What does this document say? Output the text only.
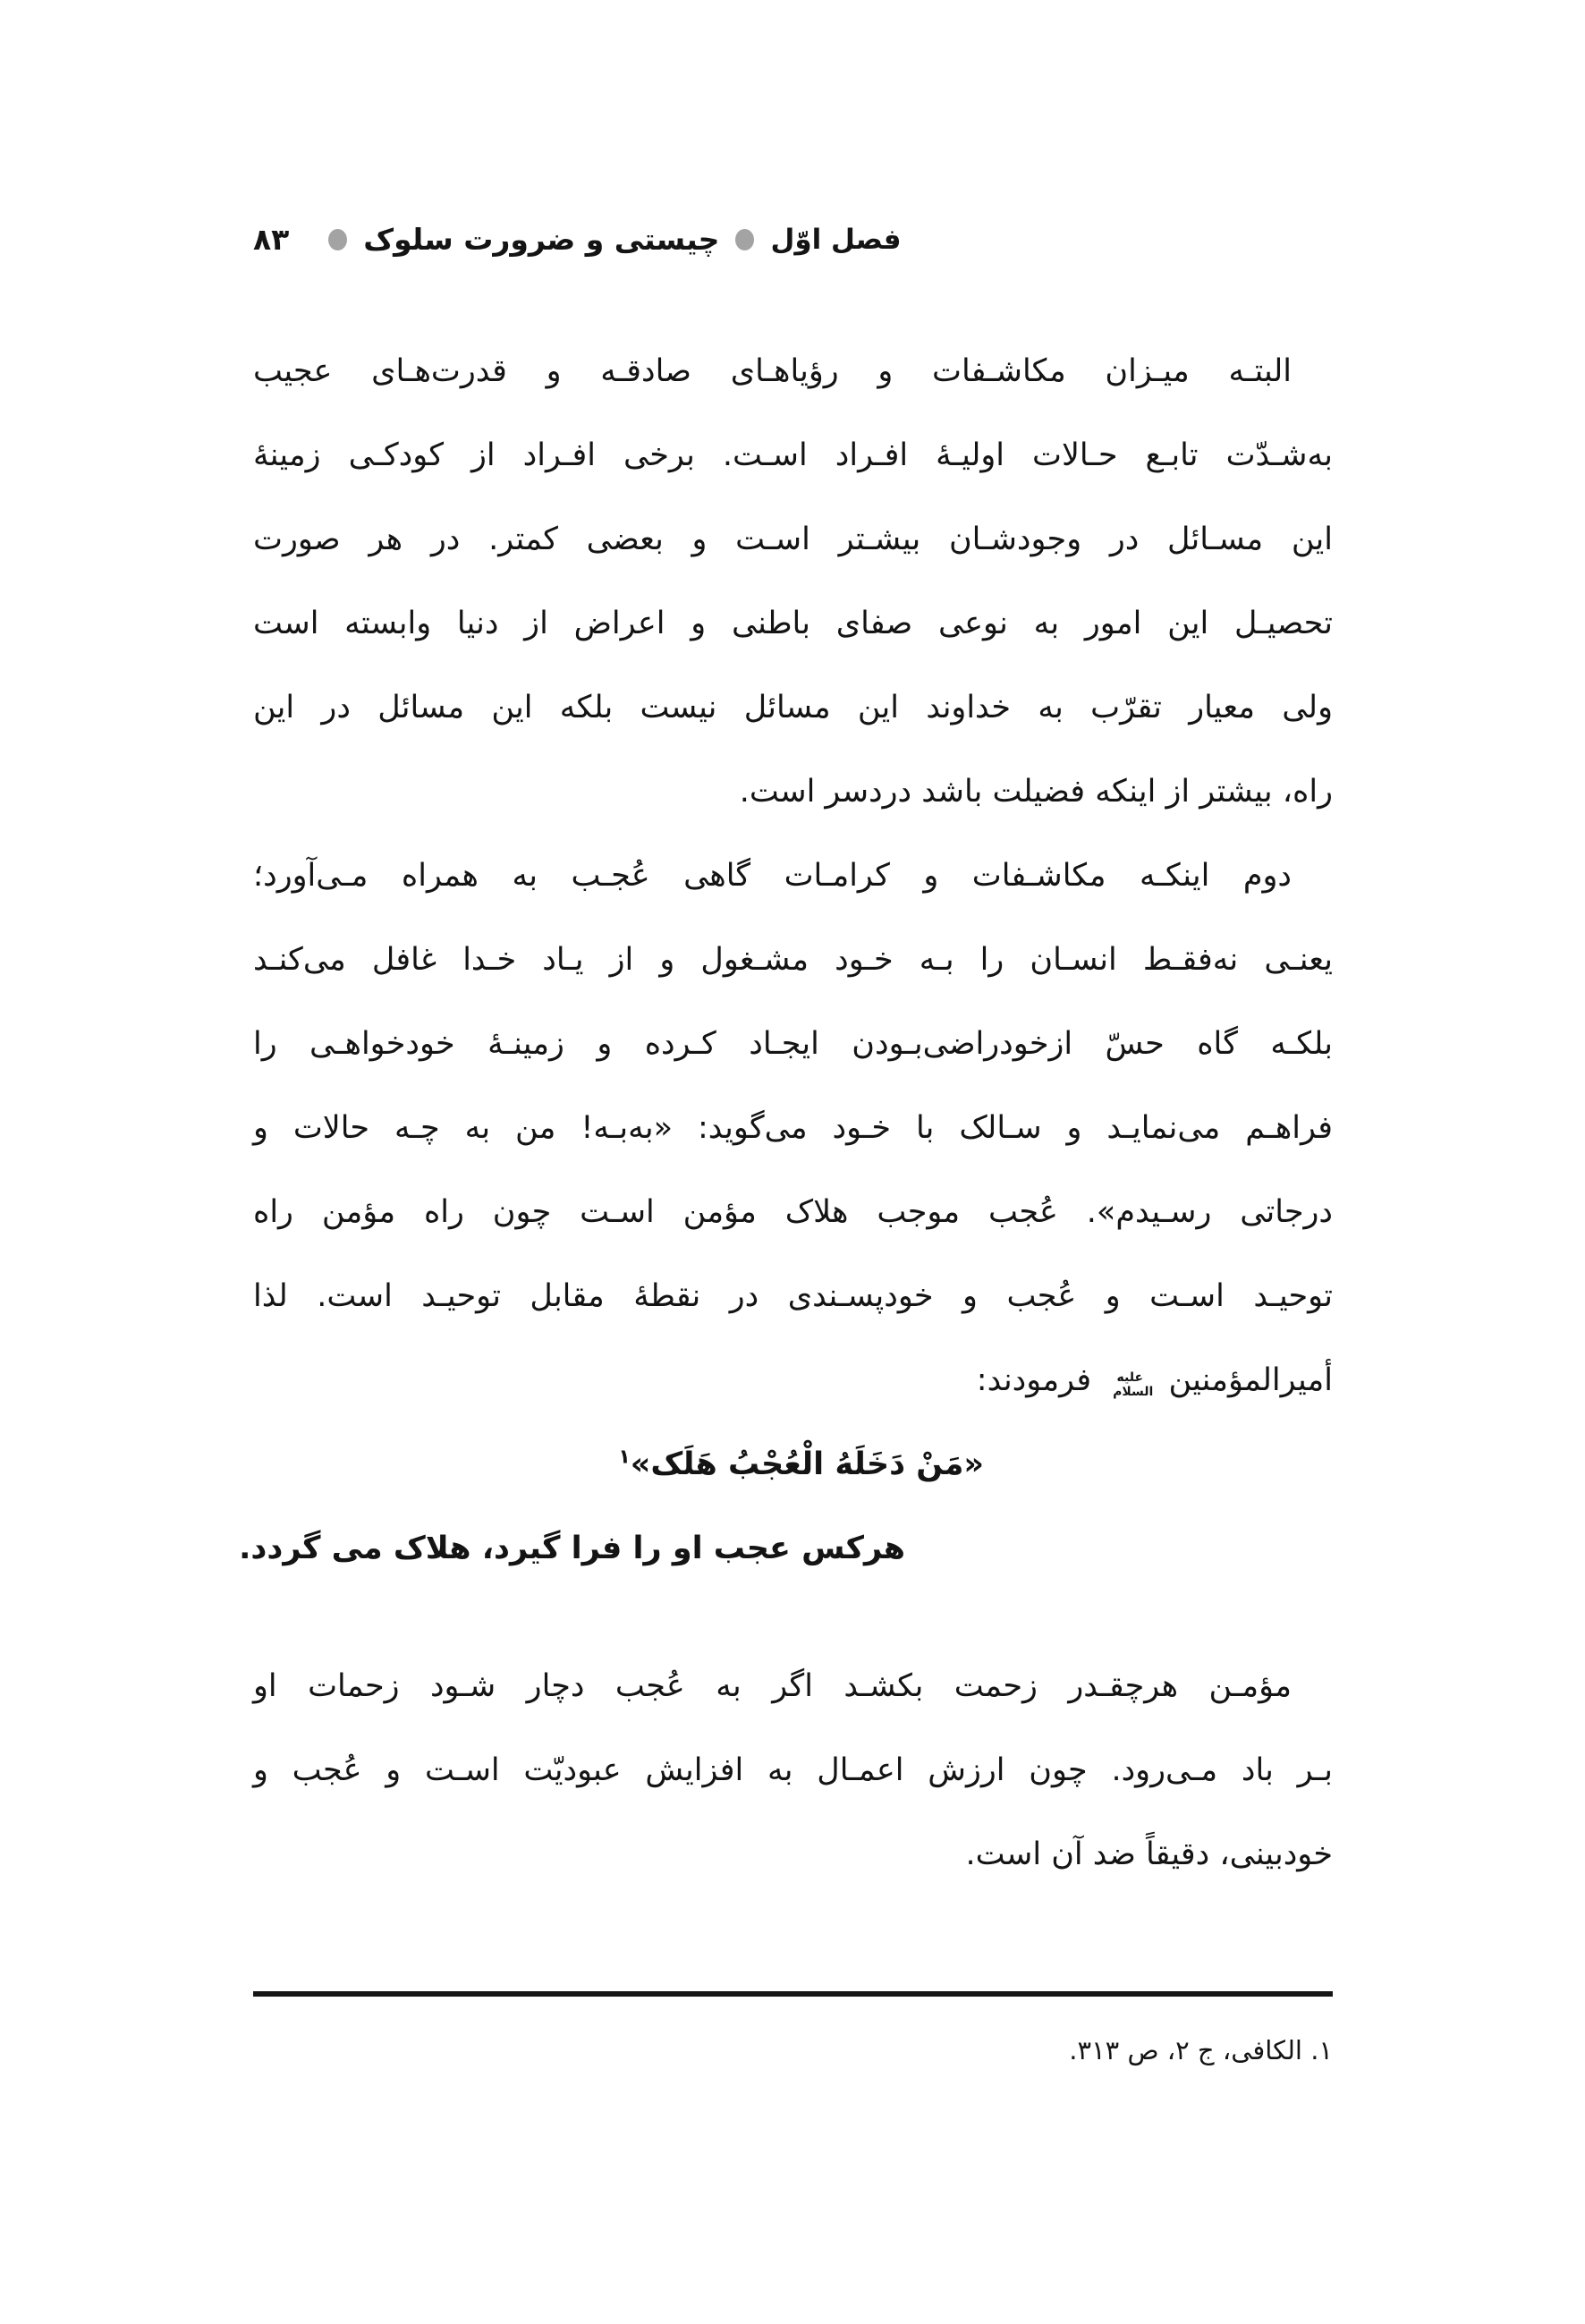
فصل اوّل
چیستی و ضرورت سلوک
۸۳
البتـه میـزان مکاشـفات و رؤیاهـای صادقـه و قدرت‌هـای عجیب
به‌شـدّت تابـع حـالات اولیـهٔ افـراد اسـت. برخی افـراد از کودکـی زمینهٔ
این مسـائل در وجودشـان بیشـتر اسـت و بعضی کمتر. در هر صورت
تحصیـل این امور به نوعی صفای باطنی و اعراض از دنیا وابسته است
ولی معیار تقرّب به خداوند این مسائل نیست بلکه این مسائل در این
راه، بیشتر از اینکه فضیلت باشد دردسر است.
دوم اینکـه مکاشـفات و کرامـات گاهی عُجـب به همراه مـی‌آورد؛
یعنـی نه‌فقـط انسـان را بـه خـود مشـغول و از یـاد خـدا غافل می‌کنـد
بلکـه گاه حسّ ازخودراضی‌بـودن ایجـاد کـرده و زمینـهٔ خودخواهـی را
فراهـم می‌نمایـد و سـالک با خـود می‌گوید: «به‌بـه! من به چـه حالات و
درجاتی رسـیدم». عُجب موجب هلاک مؤمن اسـت چون راه مؤمن راه
توحیـد اسـت و عُجب و خودپسـندی در نقطهٔ مقابل توحیـد است. لذا
أمیرالمؤمنین علیه السلام فرمودند:
«مَنْ دَخَلَهُ الْعُجْبُ هَلَک»$^۱$
هرکس عجب او را فرا گیرد، هلاک می گردد.
مؤمـن هرچقـدر زحمت بکشـد اگر به عُجب دچار شـود زحمات او
بـر باد مـی‌رود. چون ارزش اعمـال به افزایش عبودیّت اسـت و عُجب و
خودبینی، دقیقاً ضد آن است.
۱. الکافی، ج ۲، ص ۳۱۳.
